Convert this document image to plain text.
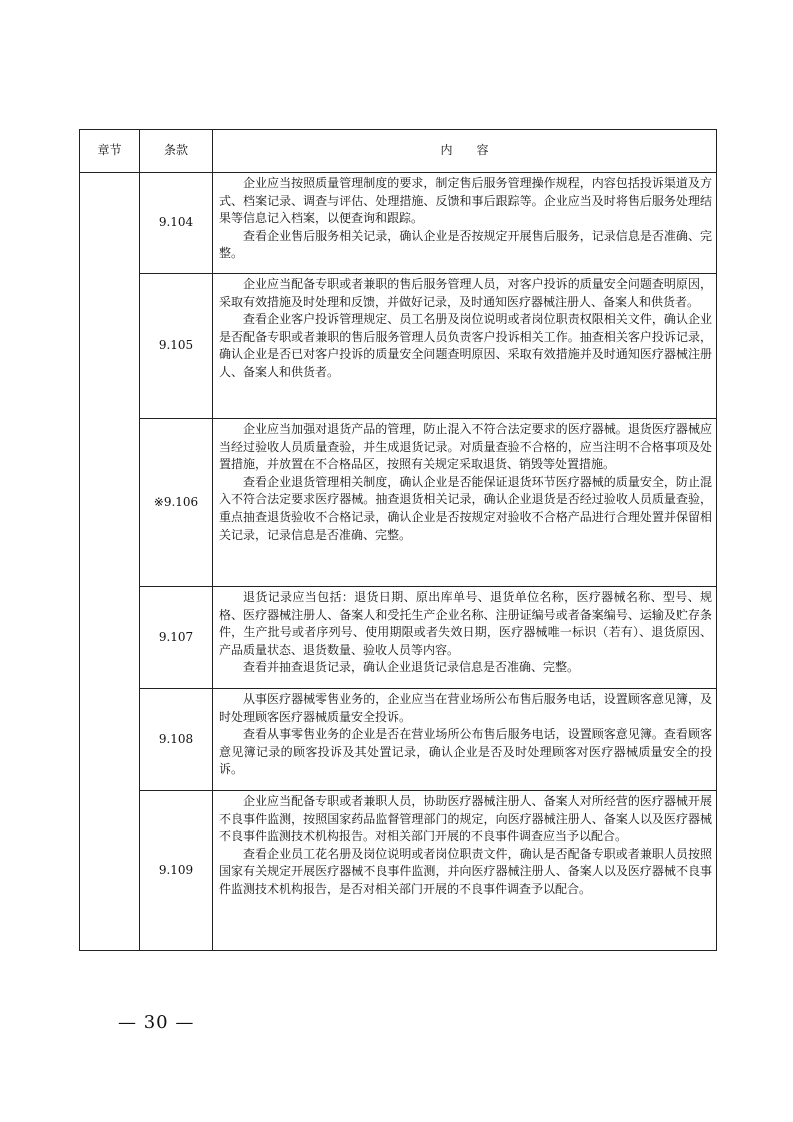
章节	条款	内容
	9.104	企业应当按照质量管理制度的要求，制定售后服务管理操作规程，内容包括投诉渠道及方式、档案记录、调查与评估、处理措施、反馈和事后跟踪等。企业应当及时将售后服务处理结果等信息记入档案，以便查询和跟踪。

查看企业售后服务相关记录，确认企业是否按规定开展售后服务，记录信息是否准确、完整。

	9.105	企业应当配备专职或者兼职的售后服务管理人员，对客户投诉的质量安全问题查明原因，采取有效措施及时处理和反馈，并做好记录，及时通知医疗器械注册人、备案人和供货者。

查看企业客户投诉管理规定、员工名册及岗位说明或者岗位职责权限相关文件，确认企业是否配备专职或者兼职的售后服务管理人员负责客户投诉相关工作。抽查相关客户投诉记录，确认企业是否已对客户投诉的质量安全问题查明原因、采取有效措施并及时通知医疗器械注册人、备案人和供货者。

	※9.106	企业应当加强对退货产品的管理，防止混入不符合法定要求的医疗器械。退货医疗器械应当经过验收人员质量查验，并生成退货记录。对质量查验不合格的，应当注明不合格事项及处置措施，并放置在不合格品区，按照有关规定采取退货、销毁等处置措施。

查看企业退货管理相关制度，确认企业是否能保证退货环节医疗器械的质量安全，防止混入不符合法定要求医疗器械。抽查退货相关记录，确认企业退货是否经过验收人员质量查验，重点抽查退货验收不合格记录，确认企业是否按规定对验收不合格产品进行合理处置并保留相关记录，记录信息是否准确、完整。

	9.107	退货记录应当包括：退货日期、原出库单号、退货单位名称，医疗器械名称、型号、规格、医疗器械注册人、备案人和受托生产企业名称、注册证编号或者备案编号、运输及贮存条件，生产批号或者序列号、使用期限或者失效日期，医疗器械唯一标识（若有）、退货原因、产品质量状态、退货数量、验收人员等内容。

查看并抽查退货记录，确认企业退货记录信息是否准确、完整。

	9.108	从事医疗器械零售业务的，企业应当在营业场所公布售后服务电话，设置顾客意见簿，及时处理顾客医疗器械质量安全投诉。

查看从事零售业务的企业是否在营业场所公布售后服务电话，设置顾客意见簿。查看顾客意见簿记录的顾客投诉及其处置记录，确认企业是否及时处理顾客对医疗器械质量安全的投诉。

	9.109	企业应当配备专职或者兼职人员，协助医疗器械注册人、备案人对所经营的医疗器械开展不良事件监测，按照国家药品监督管理部门的规定，向医疗器械注册人、备案人以及医疗器械不良事件监测技术机构报告。对相关部门开展的不良事件调查应当予以配合。

查看企业员工花名册及岗位说明或者岗位职责文件，确认是否配备专职或者兼职人员按照国家有关规定开展医疗器械不良事件监测，并向医疗器械注册人、备案人以及医疗器械不良事件监测技术机构报告，是否对相关部门开展的不良事件调查予以配合。

— 30 —
